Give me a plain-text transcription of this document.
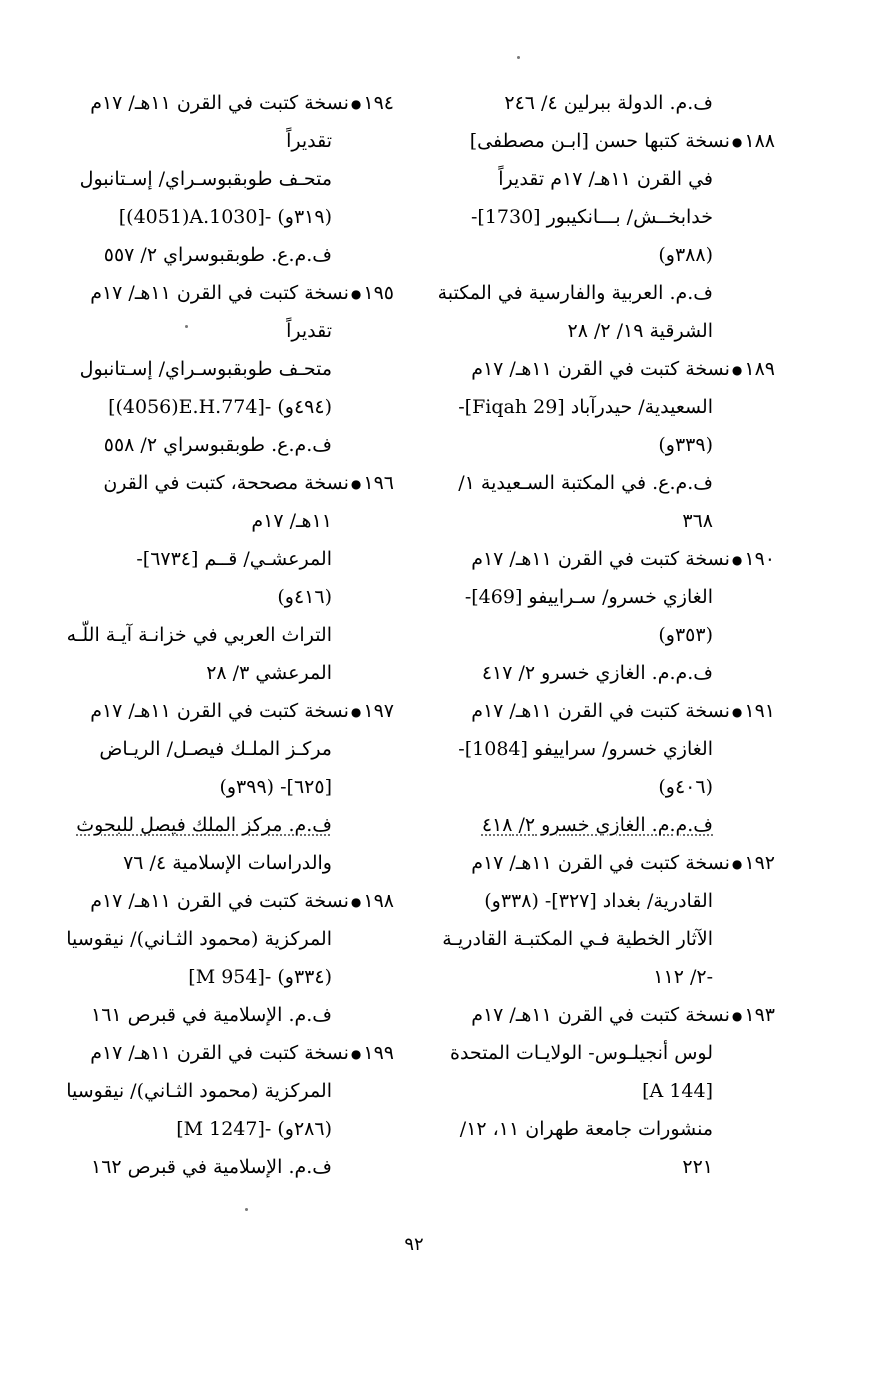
ف.م. الدولة ببرلين ٤/ ٢٤٦
١٨٨●نسخة كتبها حسن [ابـن مصطفى]
في القرن ١١هـ/ ١٧م تقديراً
خدابخــش/ بـــانكيبور [1730]-
(٣٨٨و)
ف.م. العربية والفارسية في المكتبة
الشرقية ١٩/ ٢/ ٢٨
١٨٩●نسخة كتبت في القرن ١١هـ/ ١٧م
السعيدية/ حيدرآباد [Fiqah 29]-
(٣٣٩و)
ف.م.ع. في المكتبة السـعيدية ١/
٣٦٨
١٩٠●نسخة كتبت في القرن ١١هـ/ ١٧م
الغازي خسرو/ سـراييفو [469]-
(٣٥٣و)
ف.م.م. الغازي خسرو ٢/ ٤١٧
١٩١●نسخة كتبت في القرن ١١هـ/ ١٧م
الغازي خسرو/ سراييفو [1084]-
(٤٠٦و)
ف.م.م. الغازي خسرو ٢/ ٤١٨
١٩٢●نسخة كتبت في القرن ١١هـ/ ١٧م
القادرية/ بغداد [٣٢٧]- (٣٣٨و)
الآثار الخطية فـي المكتبـة القادريـة
٢/ ١١٢-
١٩٣●نسخة كتبت في القرن ١١هـ/ ١٧م
لوس أنجيلـوس- الولايـات المتحدة
[A 144]
منشورات جامعة طهران ١١، ١٢/
٢٢١
١٩٤●نسخة كتبت في القرن ١١هـ/ ١٧م
تقديراً
متحـف طوبقبوسـراي/ إسـتانبول
[(4051)A.1030]- (٣١٩و)
ف.م.ع. طوبقبوسراي ٢/ ٥٥٧
١٩٥●نسخة كتبت في القرن ١١هـ/ ١٧م
تقديراً
متحـف طوبقبوسـراي/ إسـتانبول
[(4056)E.H.774]- (٤٩٤و)
ف.م.ع. طوبقبوسراي ٢/ ٥٥٨
١٩٦●نسخة مصححة، كتبت في القرن
١١هـ/ ١٧م
المرعشـي/ قــم [٦٧٣٤]-
(٤١٦و)
التراث العربي في خزانـة آيـة اللّـه
المرعشي ٣/ ٢٨
١٩٧●نسخة كتبت في القرن ١١هـ/ ١٧م
مركـز الملـك فيصـل/ الريـاض
[٦٢٥]- (٣٩٩و)
ف.م. مركز الملك فيصل للبحوث
والدراسات الإسلامية ٤/ ٧٦
١٩٨●نسخة كتبت في القرن ١١هـ/ ١٧م
المركزية (محمود الثـاني)/ نيقوسيا
[M 954]- (٣٣٤و)
ف.م. الإسلامية في قبرص ١٦١
١٩٩●نسخة كتبت في القرن ١١هـ/ ١٧م
المركزية (محمود الثـاني)/ نيقوسيا
[M 1247]- (٢٨٦و)
ف.م. الإسلامية في قبرص ١٦٢
٩٢
